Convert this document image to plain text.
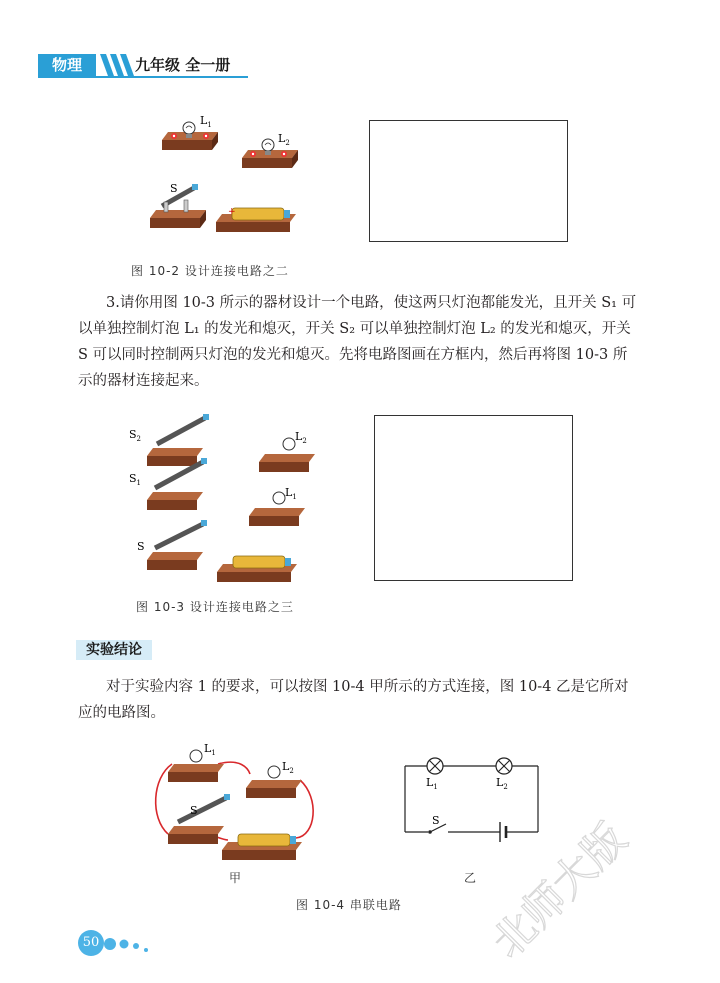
物理	九年级 全一册
$L_1$
$L_2$
S
+
图 10-2 设计连接电路之二
3.请你用图 10-3 所示的器材设计一个电路，使这两只灯泡都能发光，且开关 S₁ 可以单独控制灯泡 L₁ 的发光和熄灭，开关 S₂ 可以单独控制灯泡 L₂ 的发光和熄灭，开关 S 可以同时控制两只灯泡的发光和熄灭。先将电路图画在方框内，然后再将图 10-3 所示的器材连接起来。
$S_2$
$S_1$
S
$L_2$
$L_1$
图 10-3 设计连接电路之三
实验结论
对于实验内容 1 的要求，可以按图 10-4 甲所示的方式连接，图 10-4 乙是它所对应的电路图。
$L_1$
$L_2$
S
甲
$L_1$	$L_2$
S
乙
图 10-4 串联电路
50	北师大版
